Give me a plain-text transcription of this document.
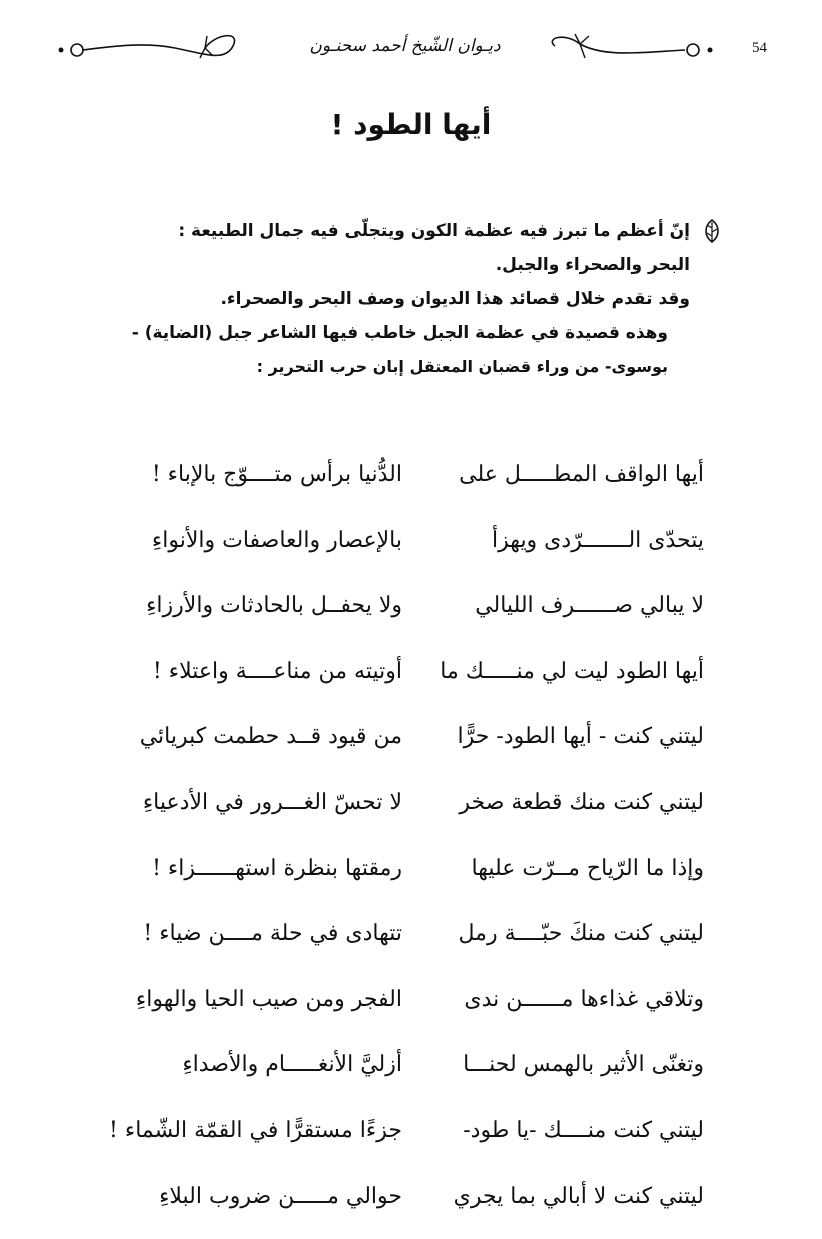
ديـوان الشّيخ أحمد سحنـون	54
أيها الطود !

إنّ أعظم ما تبرز فيه عظمة الكون ويتجلّى فيه جمال الطبيعة :

البحر والصحراء والجبل.

وقد تقدم خلال قصائد هذا الديوان وصف البحر والصحراء.

وهذه قصيدة في عظمة الجبل خاطب فيها الشاعر جبل (الضاية) -

بوسوى- من وراء قضبان المعتقل إبان حرب التحرير :

أيها الواقف المطـــــل على
الدُّنيا برأس متــــوّج بالإباء !
يتحدّى الـــــــرّدى ويهزأ
بالإعصار والعاصفات والأنواءِ
لا يبالي صــــــرف الليالي
ولا يحفــل بالحادثات والأرزاءِ
أيها الطود ليت لي منـــــك ما
أوتيته من مناعــــة واعتلاء !
ليتني كنت - أيها الطود- حرًّا
من قيود قــد حطمت كبريائي
ليتني كنت منك قطعة صخر
لا تحسّ الغـــرور في الأدعياءِ
وإذا ما الرّياح مــرّت عليها
رمقتها بنظرة استهــــــزاء !
ليتني كنت منكَ حبّــــة رمل
تتهادى في حلة مــــن ضياء !
وتلاقي غذاءها مــــــن ندى
الفجر ومن صيب الحيا والهواءِ
وتغنّى الأثير بالهمس لحنـــا
أزليَّ الأنغـــــام والأصداءِ
ليتني كنت منــــك -يا طود-
جزءًا مستقرًّا في القمّة الشّماء !
ليتني كنت لا أبالي بما يجري
حوالي مـــــن ضروب البلاءِ
